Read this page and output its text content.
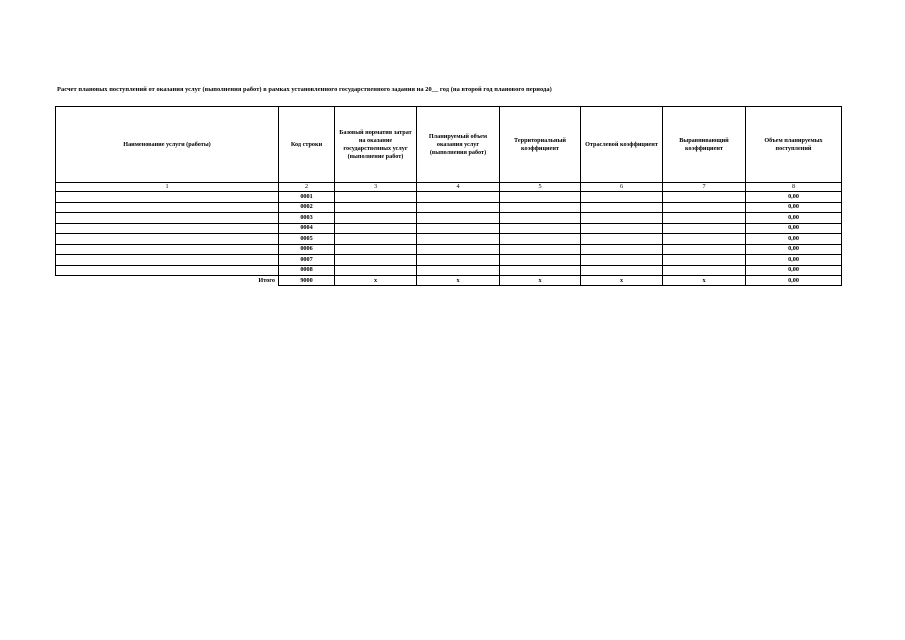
Расчет плановых поступлений от оказания услуг (выполнения работ) в рамках установленного государственного задания на 20__ год (на второй год планового периода)
Наименование услуги (работы)	Код строки	Базовый норматив затрат на оказание государственных услуг (выполнение работ)	Планируемый объем оказания услуг (выполнения работ)	Территориальный коэффициент	Отраслевой коэффициент	Выравнивающий коэффициент	Объем планируемых поступлений
1	2	3	4	5	6	7	8
	0001						0,00
	0002						0,00
	0003						0,00
	0004						0,00
	0005						0,00
	0006						0,00
	0007						0,00
	0008						0,00
Итого	9000	х	х	х	х	х	0,00
